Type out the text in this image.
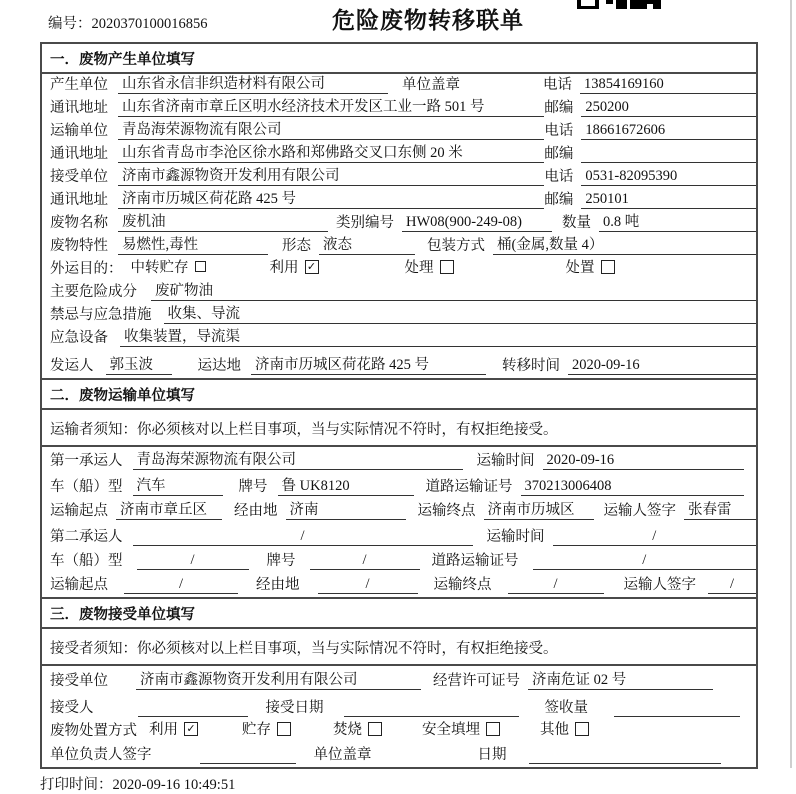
编号：2020370100016856	危险废物转移联单
一．废物产生单位填写
产生单位 山东省永信非织造材料有限公司	单位盖章	电话 13854169160
通讯地址 山东省济南市章丘区明水经济技术开发区工业一路 501 号	邮编 250200
运输单位 青岛海荣源物流有限公司	电话 18661672606
通讯地址 山东省青岛市李沧区徐水路和郑佛路交叉口东侧 20 米	邮编
接受单位 济南市鑫源物资开发利用有限公司	电话 0531-82095390
通讯地址 济南市历城区荷花路 425 号	邮编 250101
废物名称 废机油	类别编号 HW08(900-249-08)	数量 0.8 吨
废物特性 易燃性,毒性	形态 液态	包装方式 桶(金属,数量 4）
外运目的： 中转贮存	利用 ✓	处理	处置
主要危险成分 废矿物油
禁忌与应急措施 收集、导流
应急设备 收集装置，导流渠
发运人 郭玉波	运达地 济南市历城区荷花路 425 号	转移时间 2020-09-16
二．废物运输单位填写
运输者须知：你必须核对以上栏目事项，当与实际情况不符时，有权拒绝接受。
第一承运人 青岛海荣源物流有限公司	运输时间 2020-09-16
车（船）型 汽车	牌号 鲁 UK8120	道路运输证号 370213006408
运输起点 济南市章丘区	经由地 济南	运输终点 济南市历城区	运输人签字 张春雷
第二承运人	/	运输时间	/
车（船）型	/	牌号	/	道路运输证号	/
运输起点	/	经由地	/	运输终点	/	运输人签字	/
三．废物接受单位填写
接受者须知：你必须核对以上栏目事项，当与实际情况不符时，有权拒绝接受。
接受单位 济南市鑫源物资开发利用有限公司	经营许可证号 济南危证 02 号
接受人	接受日期	签收量
废物处置方式 利用 ✓	贮存	焚烧	安全填埋	其他
单位负责人签字	单位盖章	日期
打印时间：2020-09-16 10:49:51
